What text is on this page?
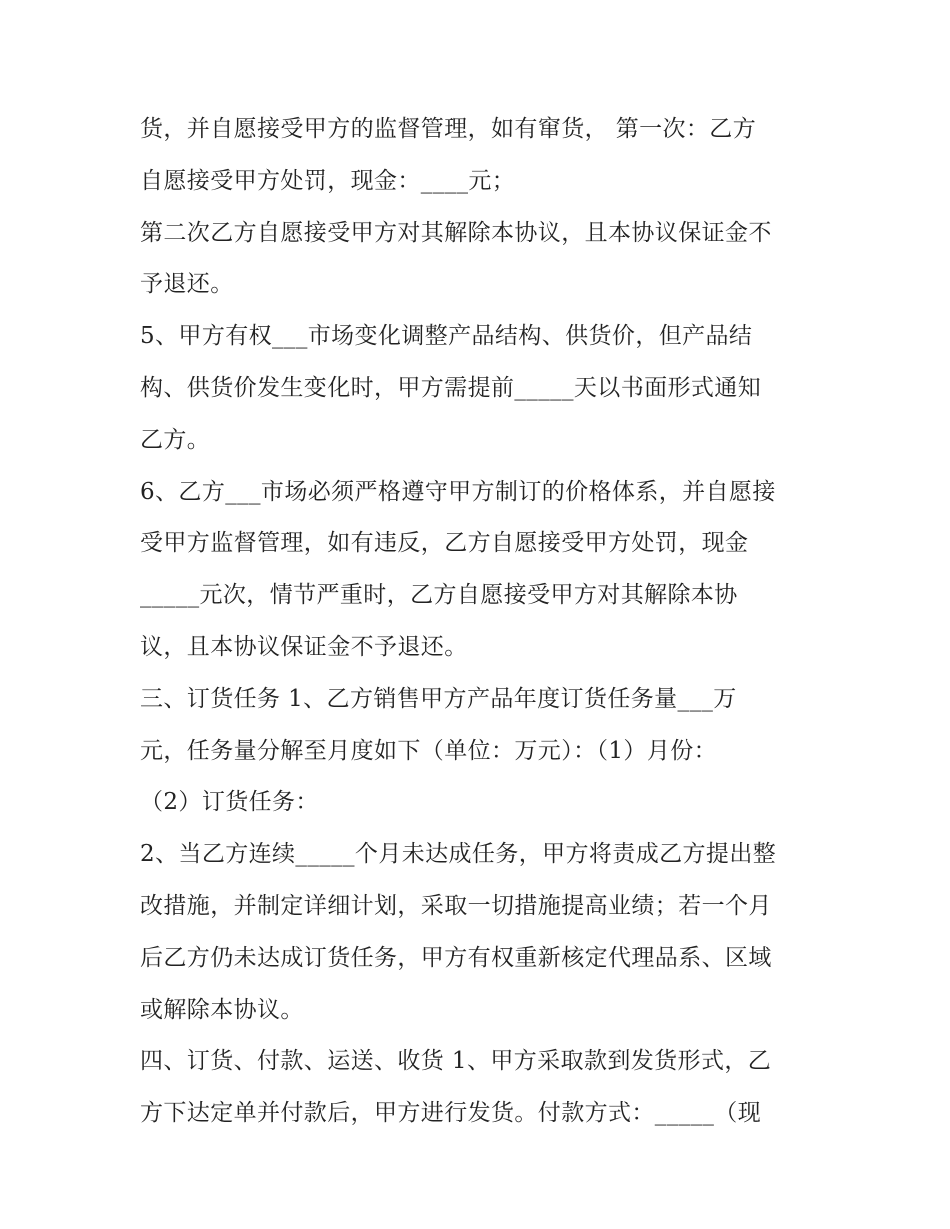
货，并自愿接受甲方的监督管理，如有窜货， 第一次：乙方
自愿接受甲方处罚，现金：____元；
第二次乙方自愿接受甲方对其解除本协议，且本协议保证金不
予退还。
5、甲方有权___市场变化调整产品结构、供货价，但产品结
构、供货价发生变化时，甲方需提前_____天以书面形式通知
乙方。
6、乙方___市场必须严格遵守甲方制订的价格体系，并自愿接
受甲方监督管理，如有违反，乙方自愿接受甲方处罚，现金
_____元次，情节严重时，乙方自愿接受甲方对其解除本协
议，且本协议保证金不予退还。
三、订货任务 1、乙方销售甲方产品年度订货任务量___万
元，任务量分解至月度如下（单位：万元）：（1）月份：
（2）订货任务：
2、当乙方连续_____个月未达成任务，甲方将责成乙方提出整
改措施，并制定详细计划，采取一切措施提高业绩；若一个月
后乙方仍未达成订货任务，甲方有权重新核定代理品系、区域
或解除本协议。
四、订货、付款、运送、收货 1、甲方采取款到发货形式，乙
方下达定单并付款后，甲方进行发货。付款方式：_____（现
